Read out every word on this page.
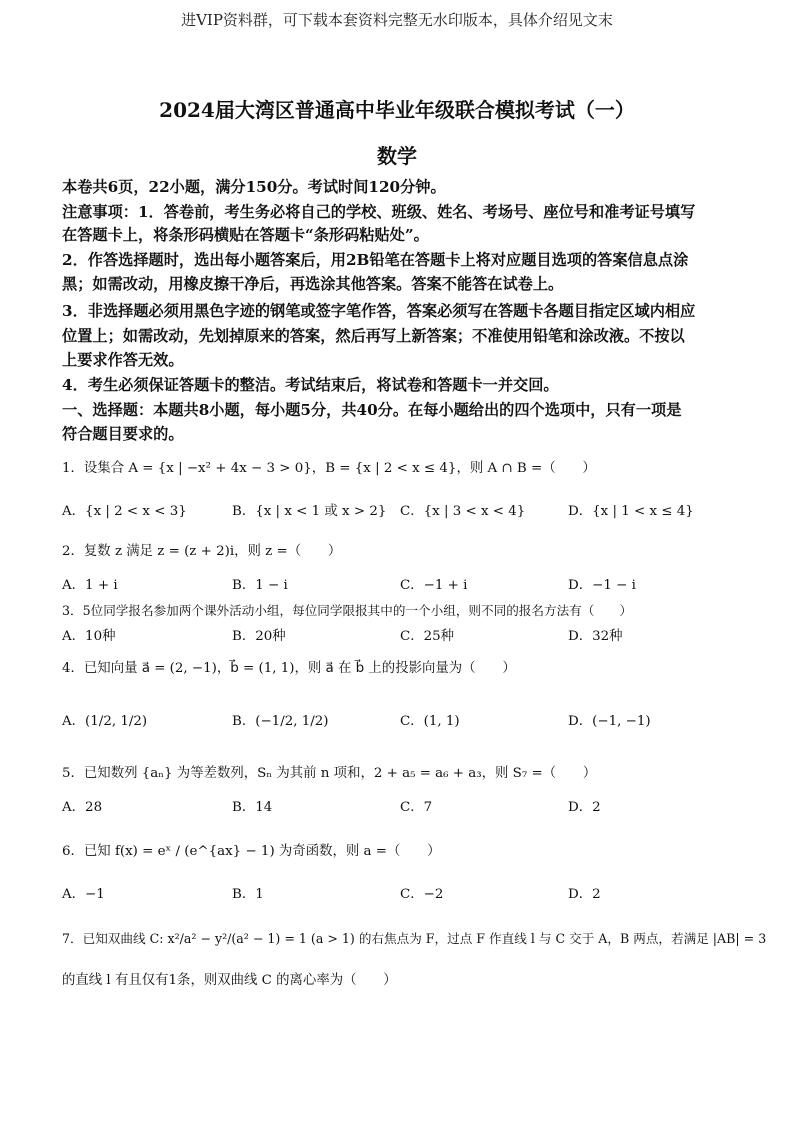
进VIP资料群，可下载本套资料完整无水印版本，具体介绍见文末
2024届大湾区普通高中毕业年级联合模拟考试（一）
数学
本卷共6页，22小题，满分150分。考试时间120分钟。
注意事项：1．答卷前，考生务必将自己的学校、班级、姓名、考场号、座位号和准考证号填写
在答题卡上，将条形码横贴在答题卡“条形码粘贴处”。
2．作答选择题时，选出每小题答案后，用2B铅笔在答题卡上将对应题目选项的答案信息点涂
黑；如需改动，用橡皮擦干净后，再选涂其他答案。答案不能答在试卷上。
3．非选择题必须用黑色字迹的钢笔或签字笔作答，答案必须写在答题卡各题目指定区域内相应
位置上；如需改动，先划掉原来的答案，然后再写上新答案；不准使用铅笔和涂改液。不按以
上要求作答无效。
4．考生必须保证答题卡的整洁。考试结束后，将试卷和答题卡一并交回。
一、选择题：本题共8小题，每小题5分，共40分。在每小题给出的四个选项中，只有一项是
符合题目要求的。
1．设集合 A = {x | −x² + 4x − 3 > 0}，B = {x | 2 < x ≤ 4}，则 A ∩ B =（　　）
A．{x | 2 < x < 3}	B．{x | x < 1 或 x > 2} C．{x | 3 < x < 4}	D．{x | 1 < x ≤ 4}
2．复数 z 满足 z = (z + 2)i，则 z =（　　）
A．1 + i	B．1 − i	C．−1 + i	D．−1 − i
3．5位同学报名参加两个课外活动小组，每位同学限报其中的一个小组，则不同的报名方法有（　　）
A．10种	B．20种	C．25种	D．32种
4．已知向量 a⃗ = (2, −1)，b⃗ = (1, 1)，则 a⃗ 在 b⃗ 上的投影向量为（　　）
A．(1/2, 1/2)	B．(−1/2, 1/2)	C．(1, 1)	D．(−1, −1)
5．已知数列 {aₙ} 为等差数列，Sₙ 为其前 n 项和，2 + a₅ = a₆ + a₃，则 S₇ =（　　）
A．28	B．14	C．7	D．2
6．已知 f(x) = eˣ / (e^{ax} − 1) 为奇函数，则 a =（　　）
A．−1	B．1	C．−2	D．2
7．已知双曲线 C: x²/a² − y²/(a² − 1) = 1 (a > 1) 的右焦点为 F，过点 F 作直线 l 与 C 交于 A，B 两点，若满足 |AB| = 3
的直线 l 有且仅有1条，则双曲线 C 的离心率为（　　）
